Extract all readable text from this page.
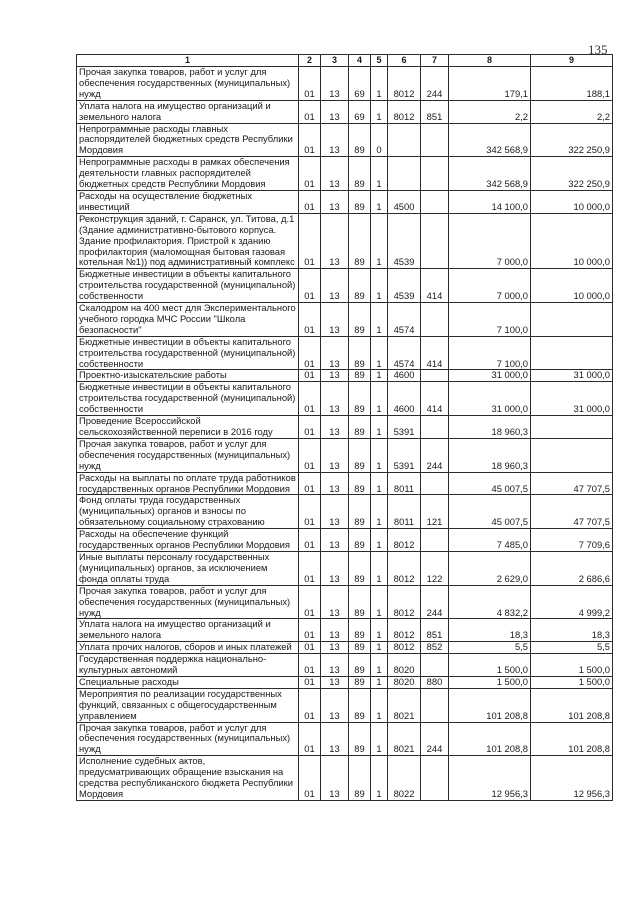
135
1	2	3	4	5	6	7	8	9
Прочая закупка товаров, работ и услуг для обеспечения государственных (муниципальных) нужд	01	13	69	1	8012	244	179,1	188,1
Уплата налога на имущество организаций и земельного налога	01	13	69	1	8012	851	2,2	2,2
Непрограммные расходы главных распорядителей бюджетных средств Республики Мордовия	01	13	89	0			342 568,9	322 250,9
Непрограммные расходы в рамках обеспечения деятельности главных распорядителей бюджетных средств Республики Мордовия	01	13	89	1			342 568,9	322 250,9
Расходы на осуществление бюджетных инвестиций	01	13	89	1	4500		14 100,0	10 000,0
Реконструкция зданий, г. Саранск, ул. Титова, д.1 (Здание административно-бытового корпуса. Здание профилактория. Пристрой к зданию профилактория (маломощная бытовая газовая котельная №1)) под административный комплекс	01	13	89	1	4539		7 000,0	10 000,0
Бюджетные инвестиции в объекты капитального строительства государственной (муниципальной) собственности	01	13	89	1	4539	414	7 000,0	10 000,0
Скалодром на 400 мест для Экспериментального учебного городка МЧС России "Школа безопасности"	01	13	89	1	4574		7 100,0	
Бюджетные инвестиции в объекты капитального строительства государственной (муниципальной) собственности	01	13	89	1	4574	414	7 100,0	
Проектно-изыскательские работы	01	13	89	1	4600		31 000,0	31 000,0
Бюджетные инвестиции в объекты капитального строительства государственной (муниципальной) собственности	01	13	89	1	4600	414	31 000,0	31 000,0
Проведение Всероссийской сельскохозяйственной переписи в 2016 году	01	13	89	1	5391		18 960,3	
Прочая закупка товаров, работ и услуг для обеспечения государственных (муниципальных) нужд	01	13	89	1	5391	244	18 960,3	
Расходы на выплаты по оплате труда работников государственных органов Республики Мордовия	01	13	89	1	8011		45 007,5	47 707,5
Фонд оплаты труда государственных (муниципальных) органов и взносы по обязательному социальному страхованию	01	13	89	1	8011	121	45 007,5	47 707,5
Расходы на обеспечение функций государственных органов Республики Мордовия	01	13	89	1	8012		7 485,0	7 709,6
Иные выплаты персоналу государственных (муниципальных) органов, за исключением фонда оплаты труда	01	13	89	1	8012	122	2 629,0	2 686,6
Прочая закупка товаров, работ и услуг для обеспечения государственных (муниципальных) нужд	01	13	89	1	8012	244	4 832,2	4 999,2
Уплата налога на имущество организаций и земельного налога	01	13	89	1	8012	851	18,3	18,3
Уплата прочих налогов, сборов и иных платежей	01	13	89	1	8012	852	5,5	5,5
Государственная поддержка национально-культурных автономий	01	13	89	1	8020		1 500,0	1 500,0
Специальные расходы	01	13	89	1	8020	880	1 500,0	1 500,0
Мероприятия по реализации государственных функций, связанных с общегосударственным управлением	01	13	89	1	8021		101 208,8	101 208,8
Прочая закупка товаров, работ и услуг для обеспечения государственных (муниципальных) нужд	01	13	89	1	8021	244	101 208,8	101 208,8
Исполнение судебных актов, предусматривающих обращение взыскания на средства республиканского бюджета Республики Мордовия	01	13	89	1	8022		12 956,3	12 956,3
